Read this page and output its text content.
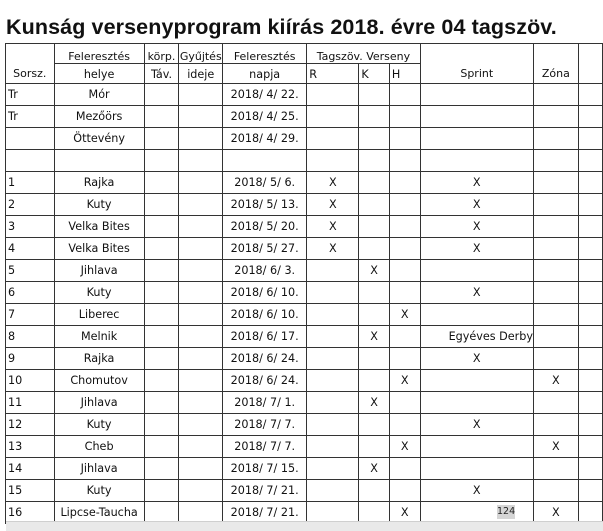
Kunság versenyprogram kiírás 2018. évre 04 tagszöv.
Sorsz.	Feleresztés	körp.	Gyűjtés	Feleresztés	Tagszöv. Verseny			Sprint	Zóna	
	helye	Táv.	ideje	napja	R	K	H			
Tr	Mór			2018/ 4/ 22.						
Tr	Mezőörs			2018/ 4/ 25.						
	Öttevény			2018/ 4/ 29.						

1	Rajka			2018/ 5/ 6.	X			X		
2	Kuty			2018/ 5/ 13.	X			X		
3	Velka Bites			2018/ 5/ 20.	X			X		
4	Velka Bites			2018/ 5/ 27.	X			X		
5	Jihlava			2018/ 6/ 3.		X				
6	Kuty			2018/ 6/ 10.				X		
7	Liberec			2018/ 6/ 10.			X			
8	Melnik			2018/ 6/ 17.		X		Egyéves Derby		
9	Rajka			2018/ 6/ 24.				X		
10	Chomutov			2018/ 6/ 24.			X		X	
11	Jihlava			2018/ 7/ 1.		X				
12	Kuty			2018/ 7/ 7.				X		
13	Cheb			2018/ 7/ 7.			X		X	
14	Jihlava			2018/ 7/ 15.		X				
15	Kuty			2018/ 7/ 21.				X		
16	Lipcse-Taucha			2018/ 7/ 21.			X		X	
124
